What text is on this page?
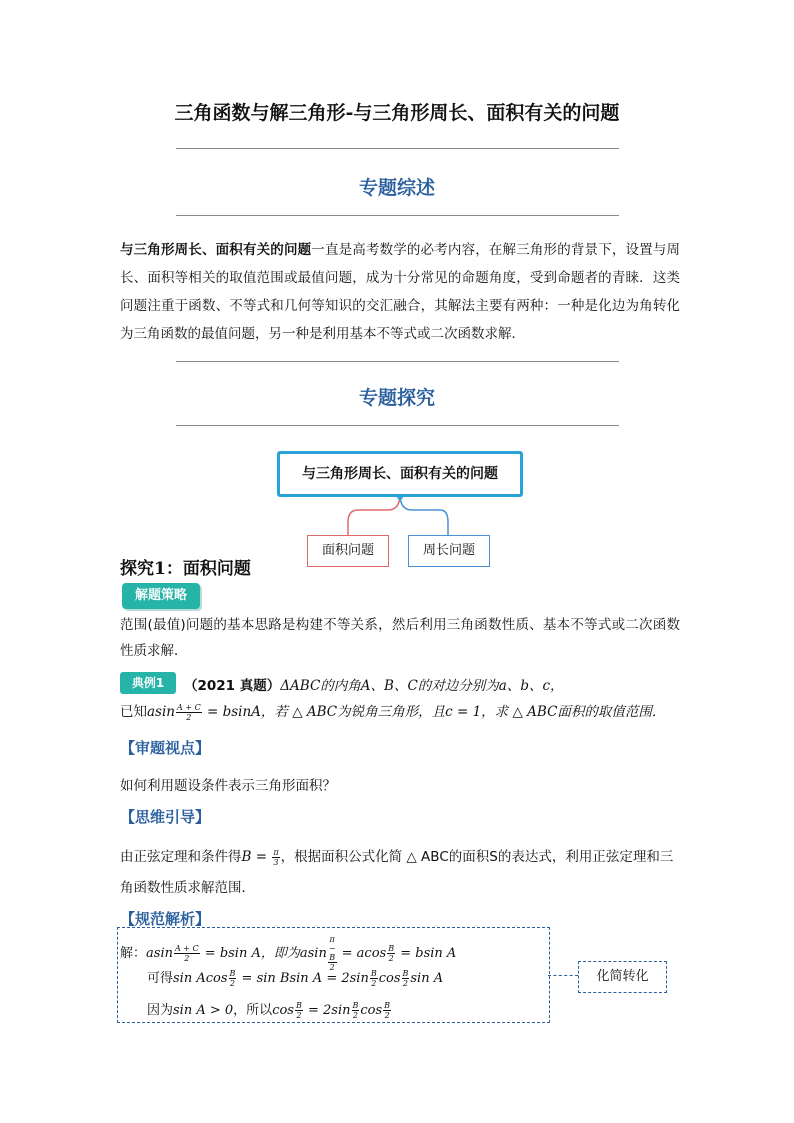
三角函数与解三角形-与三角形周长、面积有关的问题
专题综述
与三角形周长、面积有关的问题一直是高考数学的必考内容，在解三角形的背景下，设置与周长、面积等相关的取值范围或最值问题，成为十分常见的命题角度，受到命题者的青睐．这类问题注重于函数、不等式和几何等知识的交汇融合，其解法主要有两种：一种是化边为角转化为三角函数的最值问题，另一种是利用基本不等式或二次函数求解．
专题探究
与三角形周长、面积有关的问题
面积问题	周长问题
探究1：面积问题
解题策略
范围(最值)问题的基本思路是构建不等关系，然后利用三角函数性质、基本不等式或二次函数性质求解．
典例1	（2021 真题）ΔABC的内角A、B、C的对边分别为a、b、c，
已知asin $\frac{A + C}{2} = bsinA$，若 △ ABC为锐角三角形，且c = 1，求 △ ABC面积的取值范围．
【审题视点】
如何利用题设条件表示三角形面积？
【思维引导】
由正弦定理和条件得$B = \frac{\pi}{3}$ ，根据面积公式化简 △ ABC的面积S的表达式，利用正弦定理和三
角函数性质求解范围．
【规范解析】
解：asin $\frac{A + C}{2} = bsin$ A，即为asin π
−
B
2 = acos $\frac{B}{2} = bsin$ A
可得sin Acos $\frac{B}{2} = \sin Bsin$ $A = 2\sin \frac{B}{2}$ $\cos \frac{B}{2}$ sin A
因为sin A > 0，所以$\cos \frac{B}{2} = 2\sin \frac{B}{2}$ $\cos \frac{B}{2}$
化简转化
